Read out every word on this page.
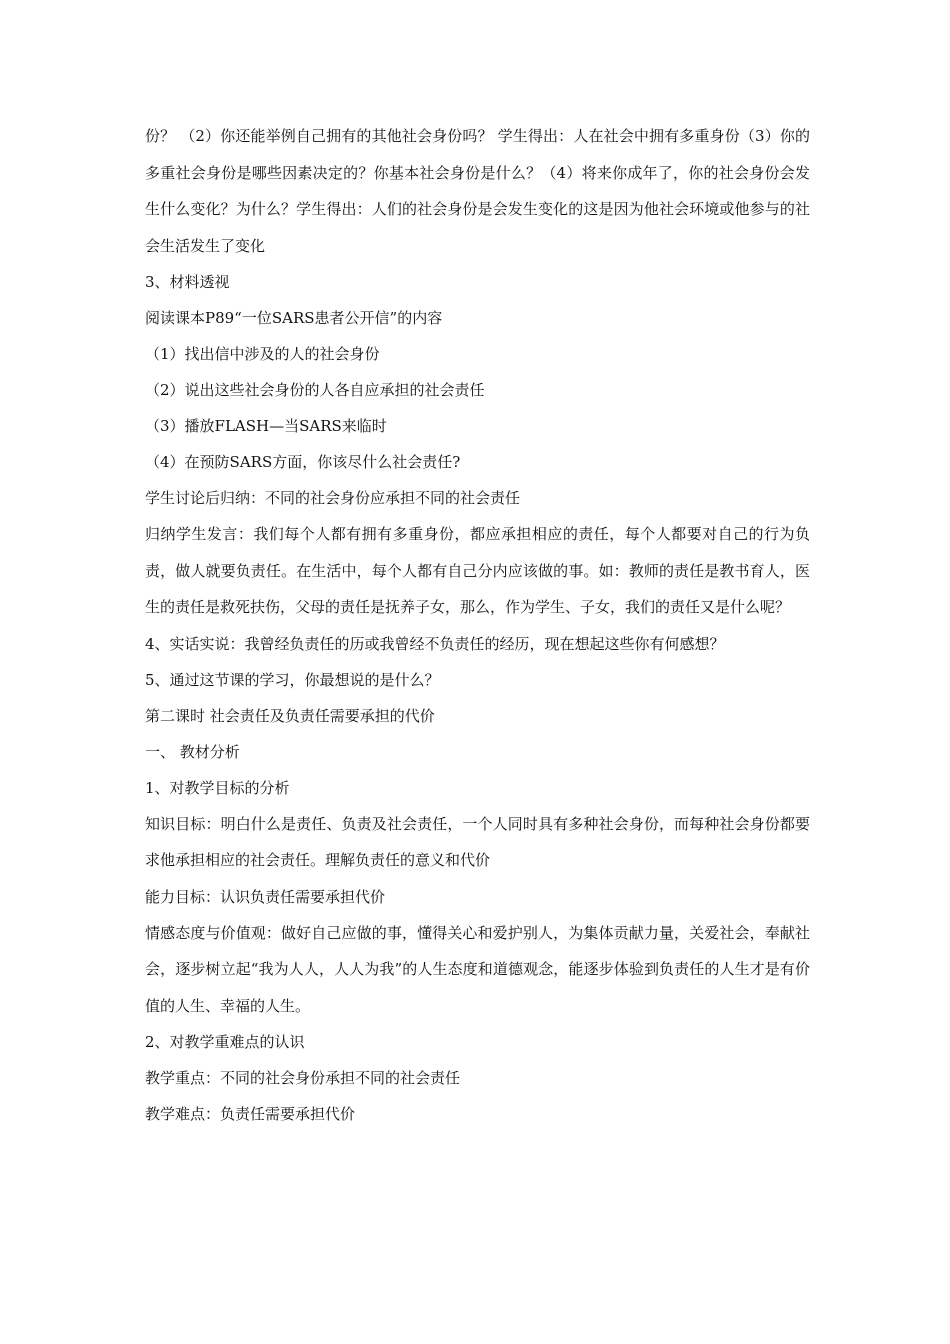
份？ （2）你还能举例自己拥有的其他社会身份吗？ 学生得出：人在社会中拥有多重身份（3）你的多重社会身份是哪些因素决定的？你基本社会身份是什么？（4）将来你成年了，你的社会身份会发生什么变化？为什么？学生得出：人们的社会身份是会发生变化的这是因为他社会环境或他参与的社会生活发生了变化

3、材料透视

阅读课本P89“一位SARS患者公开信”的内容

（1）找出信中涉及的人的社会身份

（2）说出这些社会身份的人各自应承担的社会责任

（3）播放FLASH—当SARS来临时

（4）在预防SARS方面，你该尽什么社会责任?

学生讨论后归纳：不同的社会身份应承担不同的社会责任

归纳学生发言：我们每个人都有拥有多重身份，都应承担相应的责任，每个人都要对自己的行为负责，做人就要负责任。在生活中，每个人都有自己分内应该做的事。如：教师的责任是教书育人，医生的责任是救死扶伤，父母的责任是抚养子女，那么，作为学生、子女，我们的责任又是什么呢？

4、实话实说：我曾经负责任的历或我曾经不负责任的经历，现在想起这些你有何感想？

5、通过这节课的学习，你最想说的是什么？

第二课时 社会责任及负责任需要承担的代价

一、 教材分析

1、对教学目标的分析

知识目标：明白什么是责任、负责及社会责任，一个人同时具有多种社会身份，而每种社会身份都要求他承担相应的社会责任。理解负责任的意义和代价

能力目标：认识负责任需要承担代价

情感态度与价值观：做好自己应做的事，懂得关心和爱护别人，为集体贡献力量，关爱社会，奉献社会，逐步树立起“我为人人，人人为我”的人生态度和道德观念，能逐步体验到负责任的人生才是有价值的人生、幸福的人生。

2、对教学重难点的认识

教学重点：不同的社会身份承担不同的社会责任

教学难点：负责任需要承担代价
